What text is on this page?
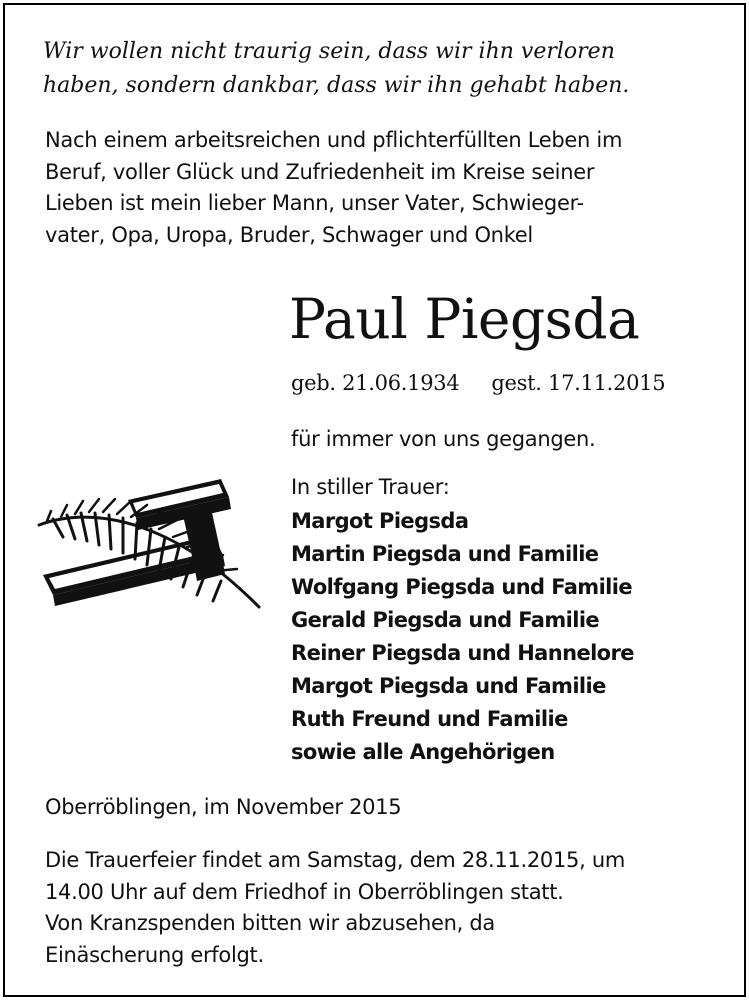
Wir wollen nicht traurig sein, dass wir ihn verloren
haben, sondern dankbar, dass wir ihn gehabt haben.
Nach einem arbeitsreichen und pflichterfüllten Leben im
Beruf, voller Glück und Zufriedenheit im Kreise seiner
Lieben ist mein lieber Mann, unser Vater, Schwieger-
vater, Opa, Uropa, Bruder, Schwager und Onkel
Paul Piegsda
geb. 21.06.1934 gest. 17.11.2015
für immer von uns gegangen.
In stiller Trauer:
Margot Piegsda
Martin Piegsda und Familie
Wolfgang Piegsda und Familie
Gerald Piegsda und Familie
Reiner Piegsda und Hannelore
Margot Piegsda und Familie
Ruth Freund und Familie
sowie alle Angehörigen
Oberröblingen, im November 2015
Die Trauerfeier findet am Samstag, dem 28.11.2015, um
14.00 Uhr auf dem Friedhof in Oberröblingen statt.
Von Kranzspenden bitten wir abzusehen, da
Einäscherung erfolgt.
